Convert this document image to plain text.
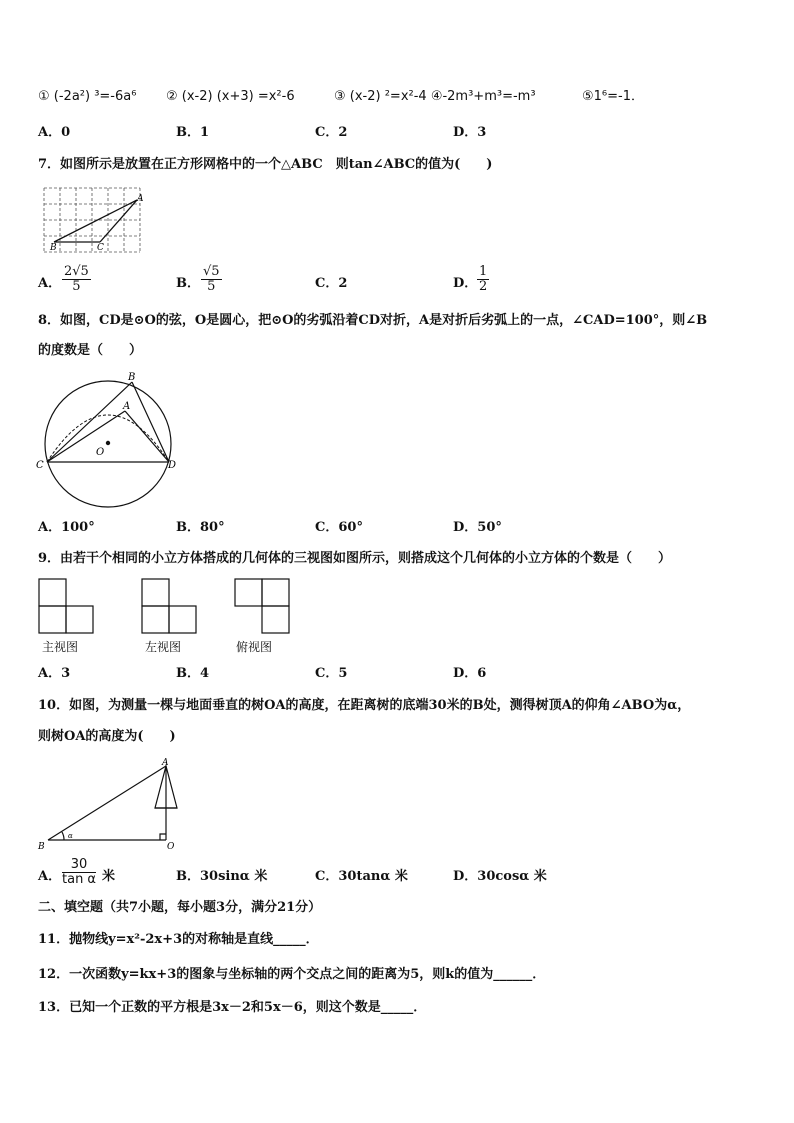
① (-2a²) ³=-6a⁶ ② (x-2) (x+3) =x²-6	③ (x-2) ²=x²-4 ④-2m³+m³=-m³	⑤1⁶=-1．
A．0	B．1	C．2	D．3
7．如图所示是放置在正方形网格中的一个△ABC　则tan∠ABC的值为(　　)
A
B	C
A． $\frac{2√5}{5}$	B． $\frac{√5}{5}$	C．2	D． $\frac{1}{2}$
8．如图，CD是⊙O的弦，O是圆心，把⊙O的劣弧沿着CD对折，A是对折后劣弧上的一点，∠CAD=100°，则∠B
的度数是（　　）
B
A
C	D
O
A．100°	B．80°	C．60°	D．50°
9．由若干个相同的小立方体搭成的几何体的三视图如图所示，则搭成这个几何体的小立方体的个数是（　　）
主视图	左视图	俯视图
A．3	B．4	C．5	D．6
10．如图，为测量一棵与地面垂直的树OA的高度，在距离树的底端30米的B处，测得树顶A的仰角∠ABO为α，
则树OA的高度为(　　)
A
B	O
α
A． $\frac{30}{\text{tan α}}$ 米	B．30sinα 米	C．30tanα 米	D．30cosα 米
二、填空题（共7小题，每小题3分，满分21分）
11．抛物线y=x²-2x+3的对称轴是直线_____．
12．一次函数y=kx+3的图象与坐标轴的两个交点之间的距离为5，则k的值为______．
13．已知一个正数的平方根是3x－2和5x－6，则这个数是_____．
